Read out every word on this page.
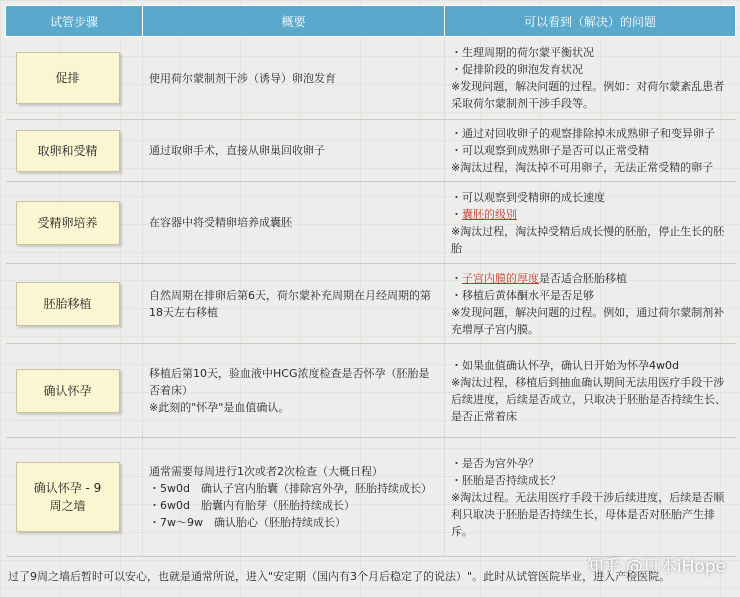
试管步骤	概要	可以看到（解决）的问题

促排	使用荷尔蒙制剂干涉（诱导）卵泡发育	・生理周期的荷尔蒙平衡状况
・促排阶段的卵泡发育状况
※发现问题，解决问题的过程。例如：对荷尔蒙紊乱患者采取荷尔蒙制剂干涉手段等。

取卵和受精	通过取卵手术，直接从卵巢回收卵子	・通过对回收卵子的观察排除掉未成熟卵子和变异卵子
・可以观察到成熟卵子是否可以正常受精
※淘汰过程，淘汰掉不可用卵子，无法正常受精的卵子

受精卵培养	在容器中将受精卵培养成囊胚	・可以观察到受精卵的成长速度
・囊胚的级别
※淘汰过程，淘汰掉受精后成长慢的胚胎，停止生长的胚胎

胚胎移植	自然周期在排卵后第6天，荷尔蒙补充周期在月经周期的第18天左右移植	・子宫内膜的厚度是否适合胚胎移植
・移植后黄体酮水平是否足够
※发现问题，解决问题的过程。例如，通过荷尔蒙制剂补充增厚子宫内膜。

确认怀孕	移植后第10天，验血液中HCG浓度检查是否怀孕（胚胎是否着床）
※此刻的"怀孕"是血值确认。	・如果血值确认怀孕，确认日开始为怀孕4w0d
※淘汰过程，移植后到抽血确认期间无法用医疗手段干涉后续进度，后续是否成立，只取决于胚胎是否持续生长、是否正常着床

确认怀孕 - 9
周之墙	通常需要每周进行1次或者2次检查（大概日程）
・5w0d　确认子宫内胎囊（排除宫外孕，胚胎持续成长）
・6w0d　胎囊内有胎芽（胚胎持续成长）
・7w～9w　确认胎心（胚胎持续成长）	・是否为宫外孕？
・胚胎是否持续成长？
※淘汰过程。无法用医疗手段干涉后续进度，后续是否顺利只取决于胚胎是否持续生长，母体是否对胚胎产生排斥。
知乎 @日本iHope
过了9周之墙后暂时可以安心，也就是通常所说，进入"安定期（国内有3个月后稳定了的说法）"。此时从试管医院毕业，进入产检医院。
